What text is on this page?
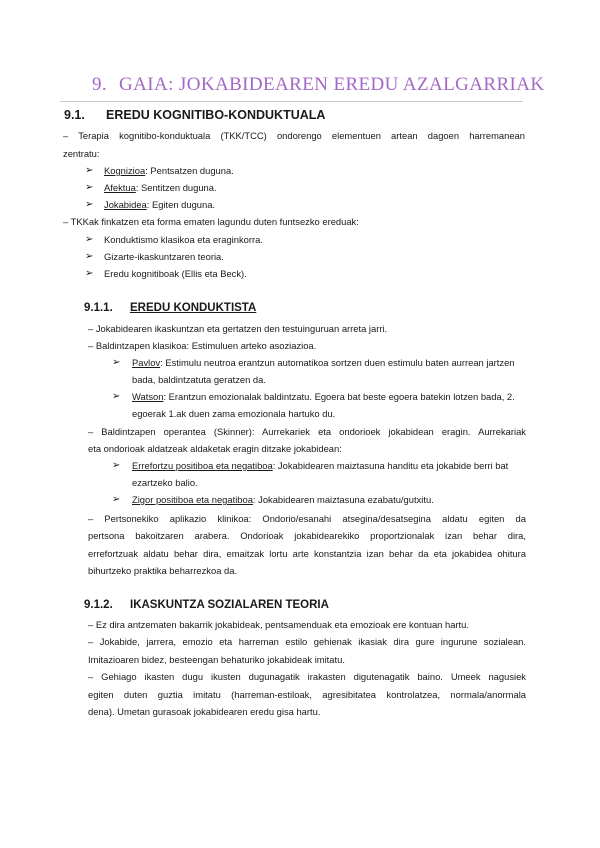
9. GAIA: JOKABIDEAREN EREDU AZALGARRIAK
9.1. EREDU KOGNITIBO-KONDUKTUALA
– Terapia kognitibo-konduktuala (TKK/TCC) ondorengo elementuen artean dagoen harremanean
zentratu:
➢ Kognizioa: Pentsatzen duguna.
➢ Afektua: Sentitzen duguna.
➢ Jokabidea: Egiten duguna.
– TKKak finkatzen eta forma ematen lagundu duten funtsezko ereduak:
➢ Konduktismo klasikoa eta eraginkorra.
➢ Gizarte-ikaskuntzaren teoria.
➢ Eredu kognitiboak (Ellis eta Beck).
9.1.1. EREDU KONDUKTISTA
– Jokabidearen ikaskuntzan eta gertatzen den testuinguruan arreta jarri.
– Baldintzapen klasikoa: Estimuluen arteko asoziazioa.
➢ Pavlov: Estimulu neutroa erantzun automatikoa sortzen duen estimulu baten aurrean jartzen
bada, baldintzatuta geratzen da.
➢ Watson: Erantzun emozionalak baldintzatu. Egoera bat beste egoera batekin lotzen bada, 2.
egoerak 1.ak duen zama emozionala hartuko du.
– Baldintzapen operantea (Skinner): Aurrekariek eta ondorioek jokabidean eragin. Aurrekariak
eta ondorioak aldatzeak aldaketak eragin ditzake jokabidean:
➢ Errefortzu positiboa eta negatiboa: Jokabidearen maiztasuna handitu eta jokabide berri bat
ezartzeko balio.
➢ Zigor positiboa eta negatiboa: Jokabidearen maiztasuna ezabatu/gutxitu.
– Pertsonekiko aplikazio klinikoa: Ondorio/esanahi atsegina/desatsegina aldatu egiten da
pertsona bakoitzaren arabera. Ondorioak jokabidearekiko proportzionalak izan behar dira,
errefortzuak aldatu behar dira, emaitzak lortu arte konstantzia izan behar da eta jokabidea ohitura
bihurtzeko praktika beharrezkoa da.
9.1.2. IKASKUNTZA SOZIALAREN TEORIA
– Ez dira antzematen bakarrik jokabideak, pentsamenduak eta emozioak ere kontuan hartu.
– Jokabide, jarrera, emozio eta harreman estilo gehienak ikasiak dira gure ingurune sozialean.
Imitazioaren bidez, besteengan behaturiko jokabideak imitatu.
– Gehiago ikasten dugu ikusten dugunagatik irakasten digutenagatik baino. Umeek nagusiek
egiten duten guztia imitatu (harreman-estiloak, agresibitatea kontrolatzea, normala/anormala
dena). Umetan gurasoak jokabidearen eredu gisa hartu.
